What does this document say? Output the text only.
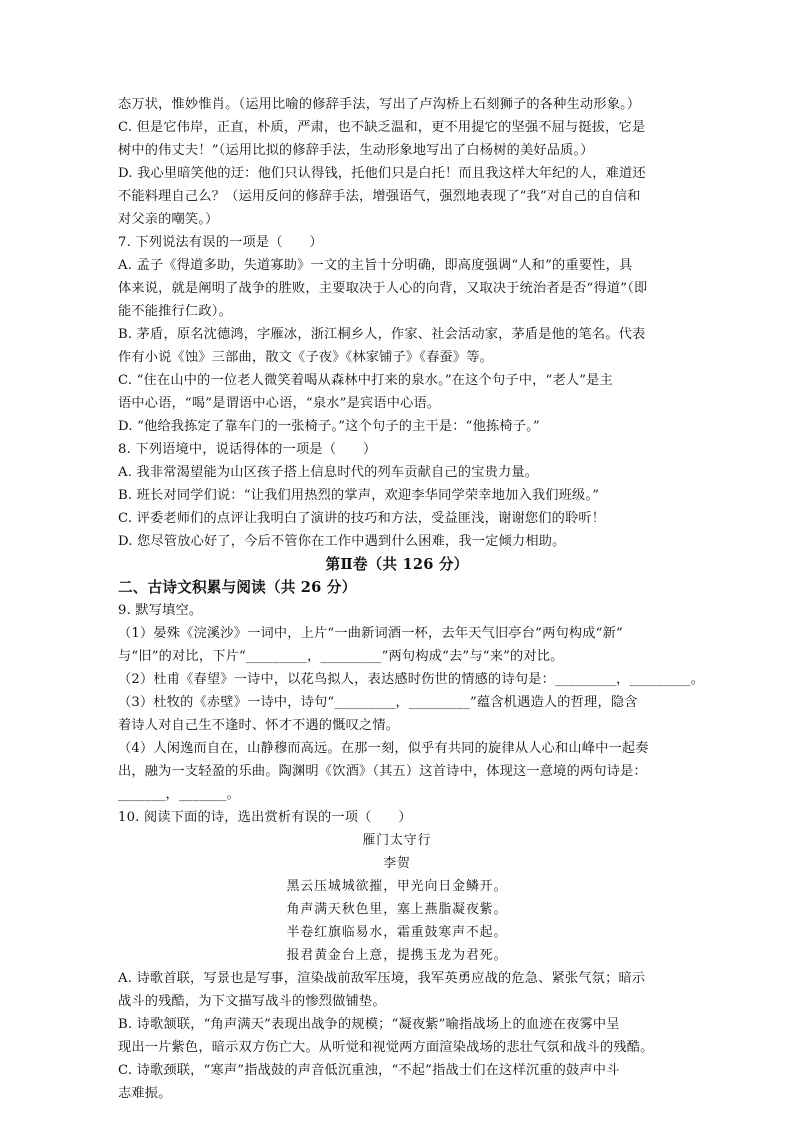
态万状，惟妙惟肖。（运用比喻的修辞手法，写出了卢沟桥上石刻狮子的各种生动形象。）
C. 但是它伟岸，正直，朴质，严肃，也不缺乏温和，更不用提它的坚强不屈与挺拔，它是
树中的伟丈夫！”（运用比拟的修辞手法，生动形象地写出了白杨树的美好品质。）
D. 我心里暗笑他的迂：他们只认得钱，托他们只是白托！而且我这样大年纪的人，难道还
不能料理自己么？（运用反问的修辞手法，增强语气，强烈地表现了“我”对自己的自信和
对父亲的嘲笑。）
7. 下列说法有误的一项是（　　）
A. 孟子《得道多助，失道寡助》一文的主旨十分明确，即高度强调“人和”的重要性，具
体来说，就是阐明了战争的胜败，主要取决于人心的向背，又取决于统治者是否“得道”（即
能不能推行仁政）。
B. 茅盾，原名沈德鸿，字雁冰，浙江桐乡人，作家、社会活动家，茅盾是他的笔名。代表
作有小说《蚀》三部曲，散文《子夜》《林家铺子》《春蚕》等。
C. “住在山中的一位老人微笑着喝从森林中打来的泉水。”在这个句子中，“老人”是主
语中心语，“喝”是谓语中心语，“泉水”是宾语中心语。
D. “他给我拣定了靠车门的一张椅子。”这个句子的主干是：“他拣椅子。”
8. 下列语境中，说话得体的一项是（　　）
A. 我非常渴望能为山区孩子搭上信息时代的列车贡献自己的宝贵力量。
B. 班长对同学们说：“让我们用热烈的掌声，欢迎李华同学荣幸地加入我们班级。”
C. 评委老师们的点评让我明白了演讲的技巧和方法，受益匪浅，谢谢您们的聆听！
D. 您尽管放心好了，今后不管你在工作中遇到什么困难，我一定倾力相助。
第Ⅱ卷（共 126 分）
二、古诗文积累与阅读（共 26 分）
9. 默写填空。
（1）晏殊《浣溪沙》一词中，上片“一曲新词酒一杯，去年天气旧亭台”两句构成“新”
与“旧”的对比，下片“_________，_________”两句构成“去”与“来”的对比。
（2）杜甫《春望》一诗中，以花鸟拟人，表达感时伤世的情感的诗句是：_________，_________。
（3）杜牧的《赤壁》一诗中，诗句“_________，_________”蕴含机遇造人的哲理，隐含
着诗人对自己生不逢时、怀才不遇的慨叹之情。
（4）人闲逸而自在，山静穆而高远。在那一刻，似乎有共同的旋律从人心和山峰中一起奏
出，融为一支轻盈的乐曲。陶渊明《饮酒》（其五）这首诗中，体现这一意境的两句诗是：
_______，_______。
10. 阅读下面的诗，选出赏析有误的一项（　　）
雁门太守行
李贺
黑云压城城欲摧，甲光向日金鳞开。
角声满天秋色里，塞上燕脂凝夜紫。
半卷红旗临易水，霜重鼓寒声不起。
报君黄金台上意，提携玉龙为君死。
A. 诗歌首联，写景也是写事，渲染战前敌军压境，我军英勇应战的危急、紧张气氛；暗示
战斗的残酷，为下文描写战斗的惨烈做铺垫。
B. 诗歌颔联，“角声满天”表现出战争的规模；“凝夜紫”喻指战场上的血迹在夜雾中呈
现出一片紫色，暗示双方伤亡大。从听觉和视觉两方面渲染战场的悲壮气氛和战斗的残酷。
C. 诗歌颈联，“寒声”指战鼓的声音低沉重浊，“不起”指战士们在这样沉重的鼓声中斗
志难振。
